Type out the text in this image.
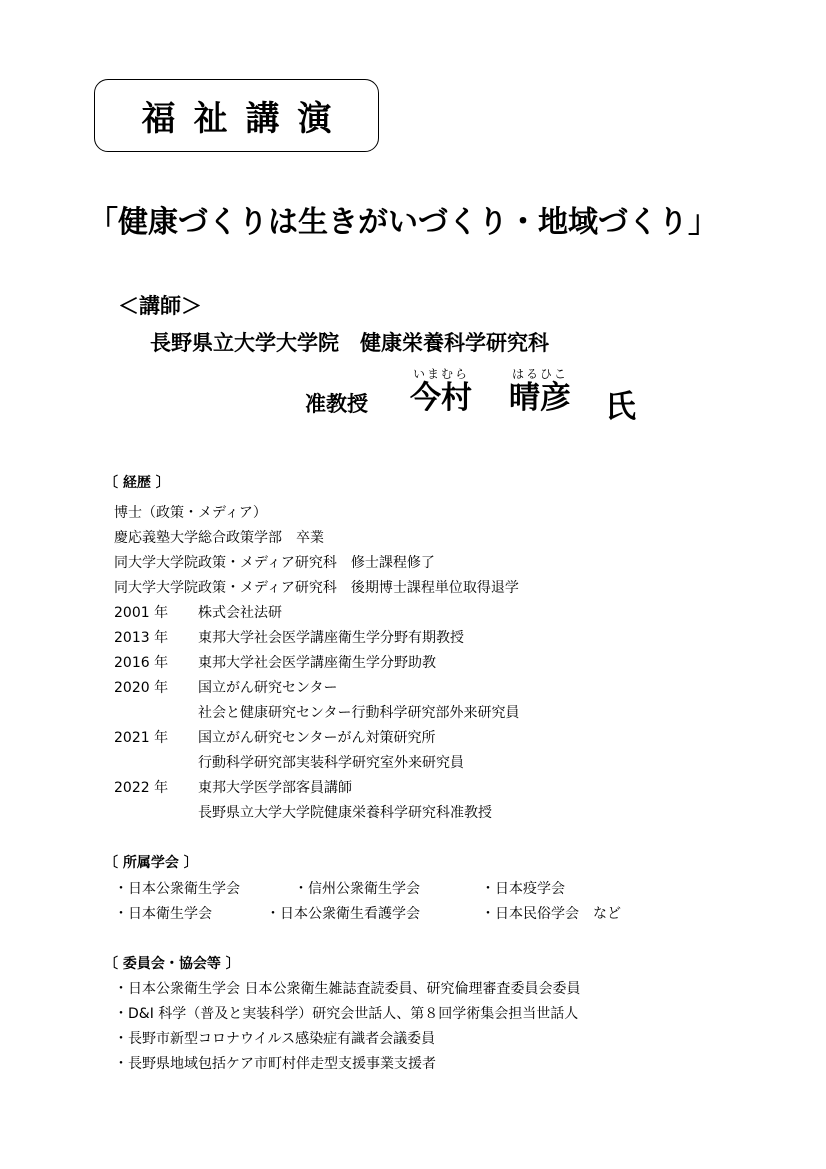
福祉講演
「健康づくりは生きがいづくり・地域づくり」
＜講師＞
長野県立大学大学院　健康栄養科学研究科
准教授
いまむら
今村
はるひこ
晴彦 氏
〔 経歴 〕
博士（政策・メディア）
慶応義塾大学総合政策学部　卒業
同大学大学院政策・メディア研究科　修士課程修了
同大学大学院政策・メディア研究科　後期博士課程単位取得退学
2001 年 株式会社法研
2013 年 東邦大学社会医学講座衛生学分野有期教授
2016 年 東邦大学社会医学講座衛生学分野助教
2020 年 国立がん研究センター
社会と健康研究センター行動科学研究部外来研究員
2021 年 国立がん研究センターがん対策研究所
行動科学研究部実装科学研究室外来研究員
2022 年 東邦大学医学部客員講師
長野県立大学大学院健康栄養科学研究科准教授
〔 所属学会 〕
・日本公衆衛生学会	・信州公衆衛生学会	・日本疫学会
・日本衛生学会	・日本公衆衛生看護学会	・日本民俗学会　など
〔 委員会・協会等 〕
・日本公衆衛生学会 日本公衆衛生雑誌査読委員、研究倫理審査委員会委員
・D&I 科学（普及と実装科学）研究会世話人、第８回学術集会担当世話人
・長野市新型コロナウイルス感染症有識者会議委員
・長野県地域包括ケア市町村伴走型支援事業支援者
